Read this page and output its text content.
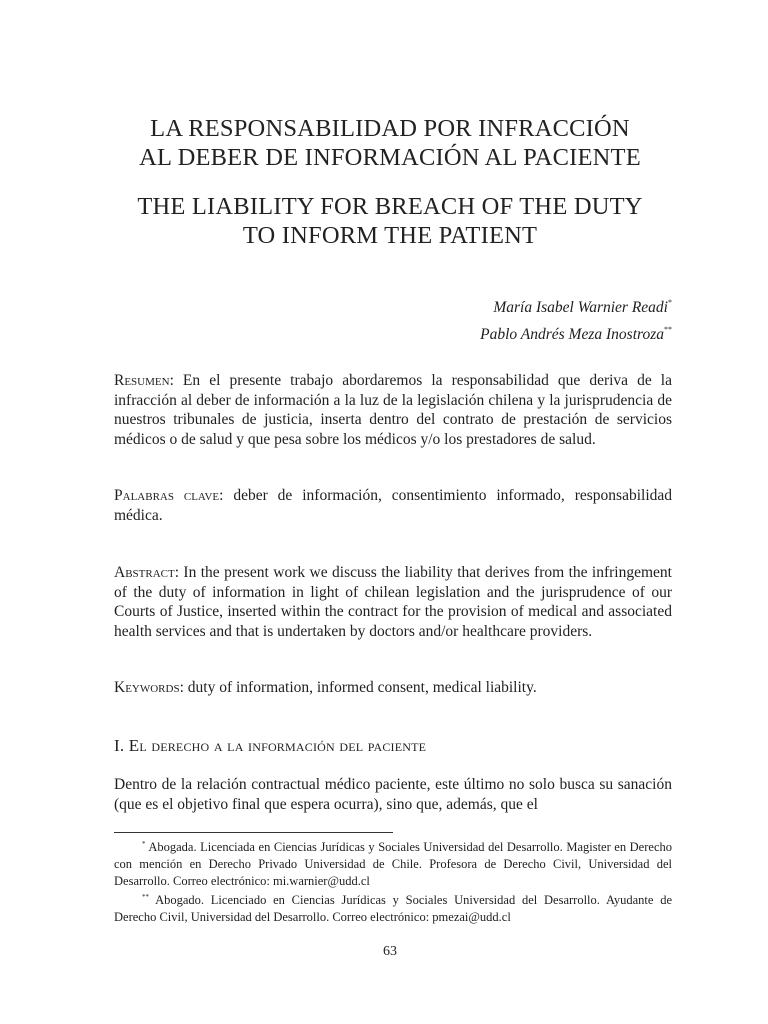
LA RESPONSABILIDAD POR INFRACCIÓN
AL DEBER DE INFORMACIÓN AL PACIENTE
THE LIABILITY FOR BREACH OF THE DUTY
TO INFORM THE PATIENT
María Isabel Warnier Readi*
Pablo Andrés Meza Inostroza**

Resumen: En el presente trabajo abordaremos la responsabilidad que deriva de la infracción al deber de información a la luz de la legislación chilena y la jurisprudencia de nuestros tribunales de justicia, inserta dentro del contrato de prestación de servicios médicos o de salud y que pesa sobre los médicos y/o los prestadores de salud.

Palabras clave: deber de información, consentimiento informado, responsabilidad médica.

Abstract: In the present work we discuss the liability that derives from the infringement of the duty of information in light of chilean legislation and the jurisprudence of our Courts of Justice, inserted within the contract for the provision of medical and associated health services and that is undertaken by doctors and/or healthcare providers.

Keywords: duty of information, informed consent, medical liability.

I. El derecho a la información del paciente

Dentro de la relación contractual médico paciente, este último no solo busca su sanación (que es el objetivo final que espera ocurra), sino que, además, que el

* Abogada. Licenciada en Ciencias Jurídicas y Sociales Universidad del Desarrollo. Magister en Derecho con mención en Derecho Privado Universidad de Chile. Profesora de Derecho Civil, Universidad del Desarrollo. Correo electrónico: mi.warnier@udd.cl
** Abogado. Licenciado en Ciencias Jurídicas y Sociales Universidad del Desarrollo. Ayudante de Derecho Civil, Universidad del Desarrollo. Correo electrónico: pmezai@udd.cl
63
